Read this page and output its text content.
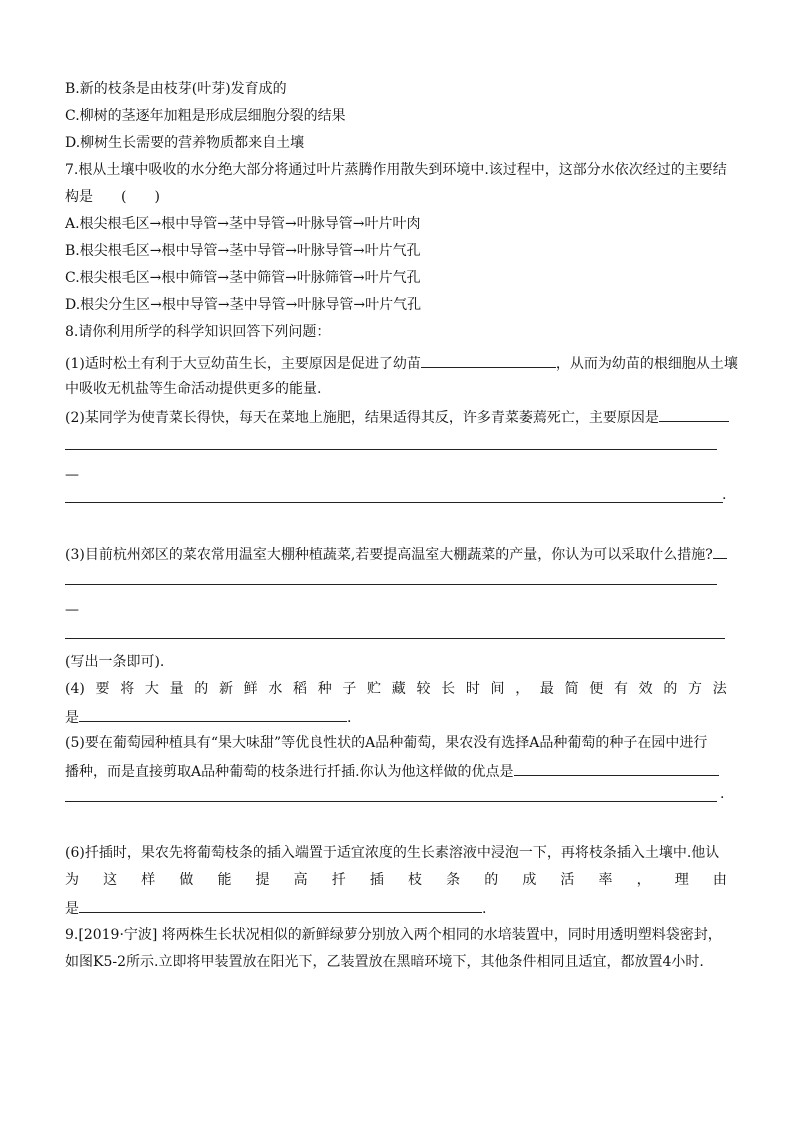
B.新的枝条是由枝芽(叶芽)发育成的
C.柳树的茎逐年加粗是形成层细胞分裂的结果
D.柳树生长需要的营养物质都来自土壤
7.根从土壤中吸收的水分绝大部分将通过叶片蒸腾作用散失到环境中.该过程中，这部分水依次经过的主要结
构是　　(　　)
A.根尖根毛区→根中导管→茎中导管→叶脉导管→叶片叶肉
B.根尖根毛区→根中导管→茎中导管→叶脉导管→叶片气孔
C.根尖根毛区→根中筛管→茎中筛管→叶脉筛管→叶片气孔
D.根尖分生区→根中导管→茎中导管→叶脉导管→叶片气孔
8.请你利用所学的科学知识回答下列问题：
(1)适时松土有利于大豆幼苗生长，主要原因是促进了幼苗	，从而为幼苗的根细胞从土壤
中吸收无机盐等生命活动提供更多的能量.
(2)某同学为使青菜长得快，每天在菜地上施肥，结果适得其反，许多青菜萎蔫死亡，主要原因是
—
.
(3)目前杭州郊区的菜农常用温室大棚种植蔬菜,若要提高温室大棚蔬菜的产量，你认为可以采取什么措施?
—
(写出一条即可).
(4) 要 将 大 量 的 新 鲜 水 稻 种 子 贮 藏 较 长 时 间 ， 最 简 便 有 效 的 方 法
是	.
(5)要在葡萄园种植具有“果大味甜”等优良性状的A品种葡萄，果农没有选择A品种葡萄的种子在园中进行
播种，而是直接剪取A品种葡萄的枝条进行扦插.你认为他这样做的优点是
.
(6)扦插时，果农先将葡萄枝条的插入端置于适宜浓度的生长素溶液中浸泡一下，再将枝条插入土壤中.他认
为 这 样 做 能 提 高 扦 插 枝 条 的 成 活 率 ， 理 由
是	.
9.[2019·宁波] 将两株生长状况相似的新鲜绿萝分别放入两个相同的水培装置中，同时用透明塑料袋密封，
如图K5-2所示.立即将甲装置放在阳光下，乙装置放在黑暗环境下，其他条件相同且适宜，都放置4小时.
